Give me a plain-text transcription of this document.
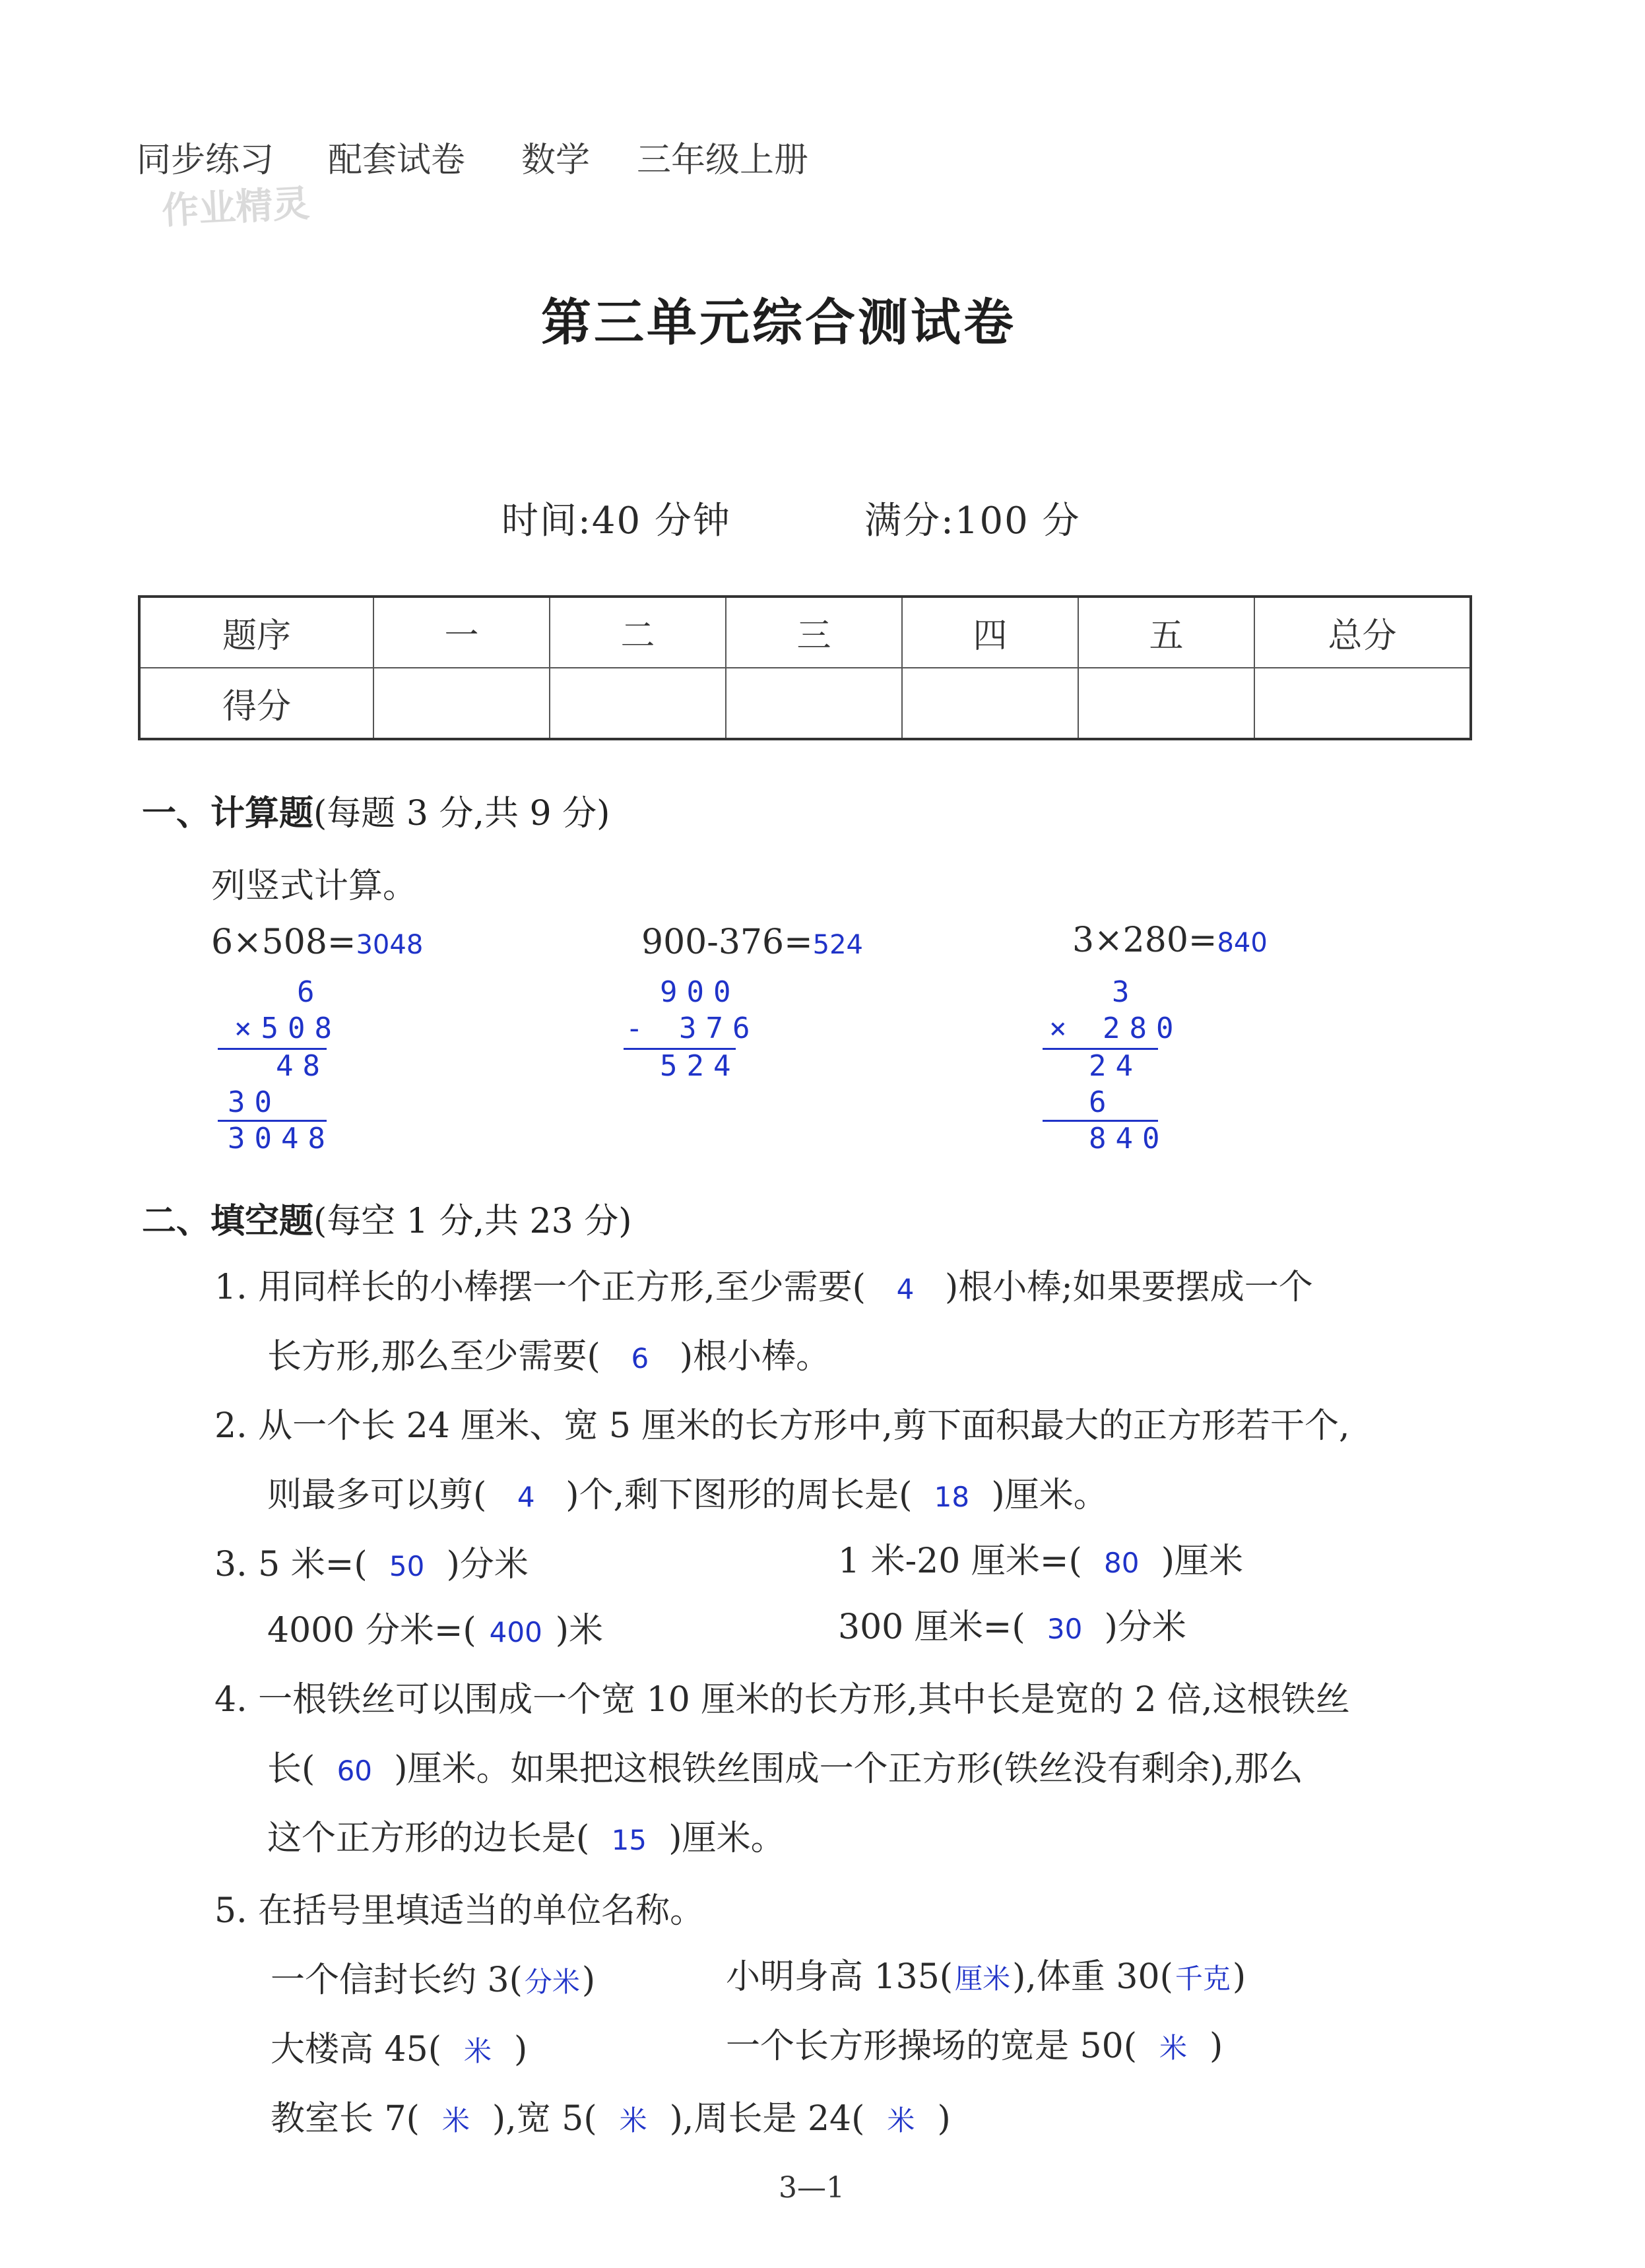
同步练习 配套试卷 数学 三年级上册
作业精灵
第三单元综合测试卷
时间:40 分钟	满分:100 分
题序	一	二	三	四	五	总分
得分						
一、计算题(每题 3 分,共 9 分)
列竖式计算。
6×508=3048
6
×508
48
30
3048
900-376=524
900
- 376
524
3×280=840
3
× 280
24
6
840
二、填空题(每空 1 分,共 23 分)
1. 用同样长的小棒摆一个正方形,至少需要( 4 )根小棒;如果要摆成一个
长方形,那么至少需要( 6 )根小棒。
2. 从一个长 24 厘米、宽 5 厘米的长方形中,剪下面积最大的正方形若干个,
则最多可以剪( 4 )个,剩下图形的周长是( 18 )厘米。
3. 5 米=( 50 )分米	1 米-20 厘米=( 80 )厘米
4000 分米=( 400 )米	300 厘米=( 30 )分米
4. 一根铁丝可以围成一个宽 10 厘米的长方形,其中长是宽的 2 倍,这根铁丝
长( 60 )厘米。如果把这根铁丝围成一个正方形(铁丝没有剩余),那么
这个正方形的边长是( 15 )厘米。
5. 在括号里填适当的单位名称。
一个信封长约 3(分米)	小明身高 135(厘米),体重 30(千克)
大楼高 45( 米 )	一个长方形操场的宽是 50( 米 )
教室长 7( 米 ),宽 5( 米 ),周长是 24( 米 )
3—1
